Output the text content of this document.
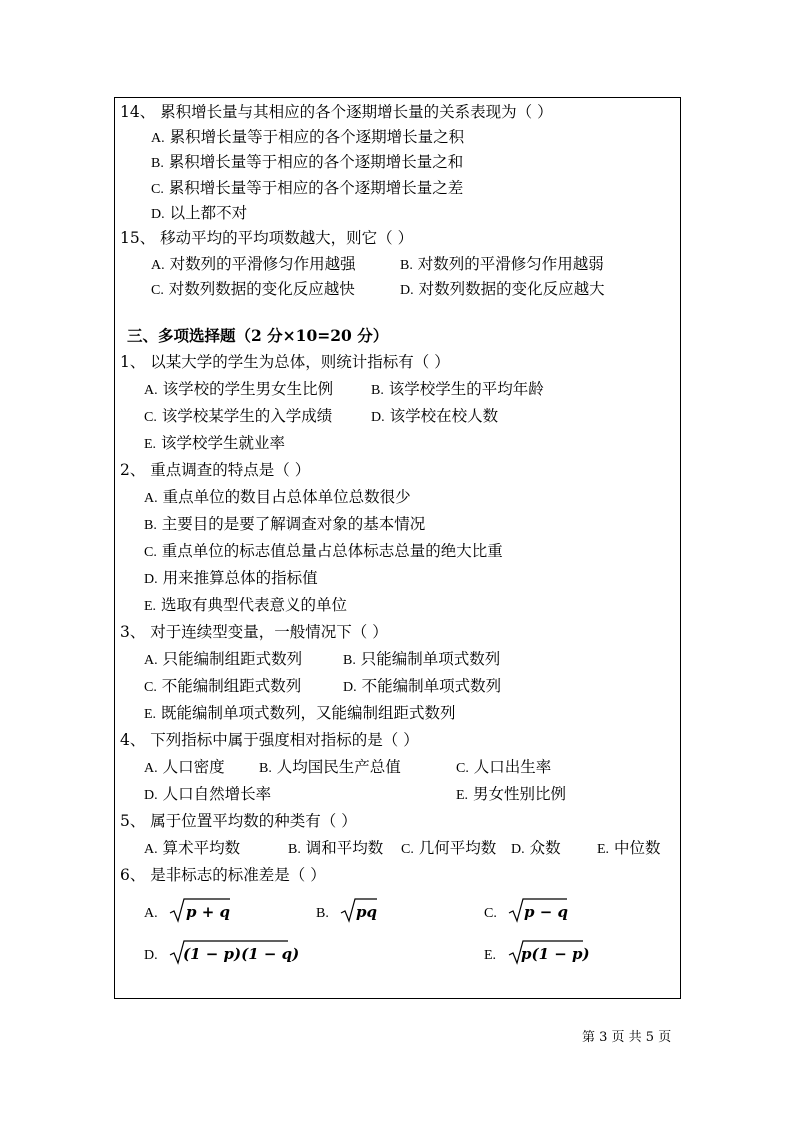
14、 累积增长量与其相应的各个逐期增长量的关系表现为（ ）
A. 累积增长量等于相应的各个逐期增长量之积
B. 累积增长量等于相应的各个逐期增长量之和
C. 累积增长量等于相应的各个逐期增长量之差
D. 以上都不对
15、 移动平均的平均项数越大，则它（ ）
A. 对数列的平滑修匀作用越强	B. 对数列的平滑修匀作用越弱
C. 对数列数据的变化反应越快	D. 对数列数据的变化反应越大
三、多项选择题（2 分×10=20 分）
1、 以某大学的学生为总体，则统计指标有（ ）
A. 该学校的学生男女生比例	B. 该学校学生的平均年龄
C. 该学校某学生的入学成绩	D. 该学校在校人数
E. 该学校学生就业率
2、 重点调查的特点是（ ）
A. 重点单位的数目占总体单位总数很少
B. 主要目的是要了解调查对象的基本情况
C. 重点单位的标志值总量占总体标志总量的绝大比重
D. 用来推算总体的指标值
E. 选取有典型代表意义的单位
3、 对于连续型变量，一般情况下（ ）
A. 只能编制组距式数列	B. 只能编制单项式数列
C. 不能编制组距式数列	D. 不能编制单项式数列
E. 既能编制单项式数列，又能编制组距式数列
4、 下列指标中属于强度相对指标的是（ ）
A. 人口密度 B. 人均国民生产总值	C. 人口出生率
D. 人口自然增长率	E. 男女性别比例
5、 属于位置平均数的种类有（ ）
A. 算术平均数	B. 调和平均数 C. 几何平均数 D. 众数	E. 中位数
6、 是非标志的标准差是（ ）
A. p + q	B. pq	C. p − q
D. (1 − p)(1 − q)	E. p(1 − p)
第 3 页 共 5 页
